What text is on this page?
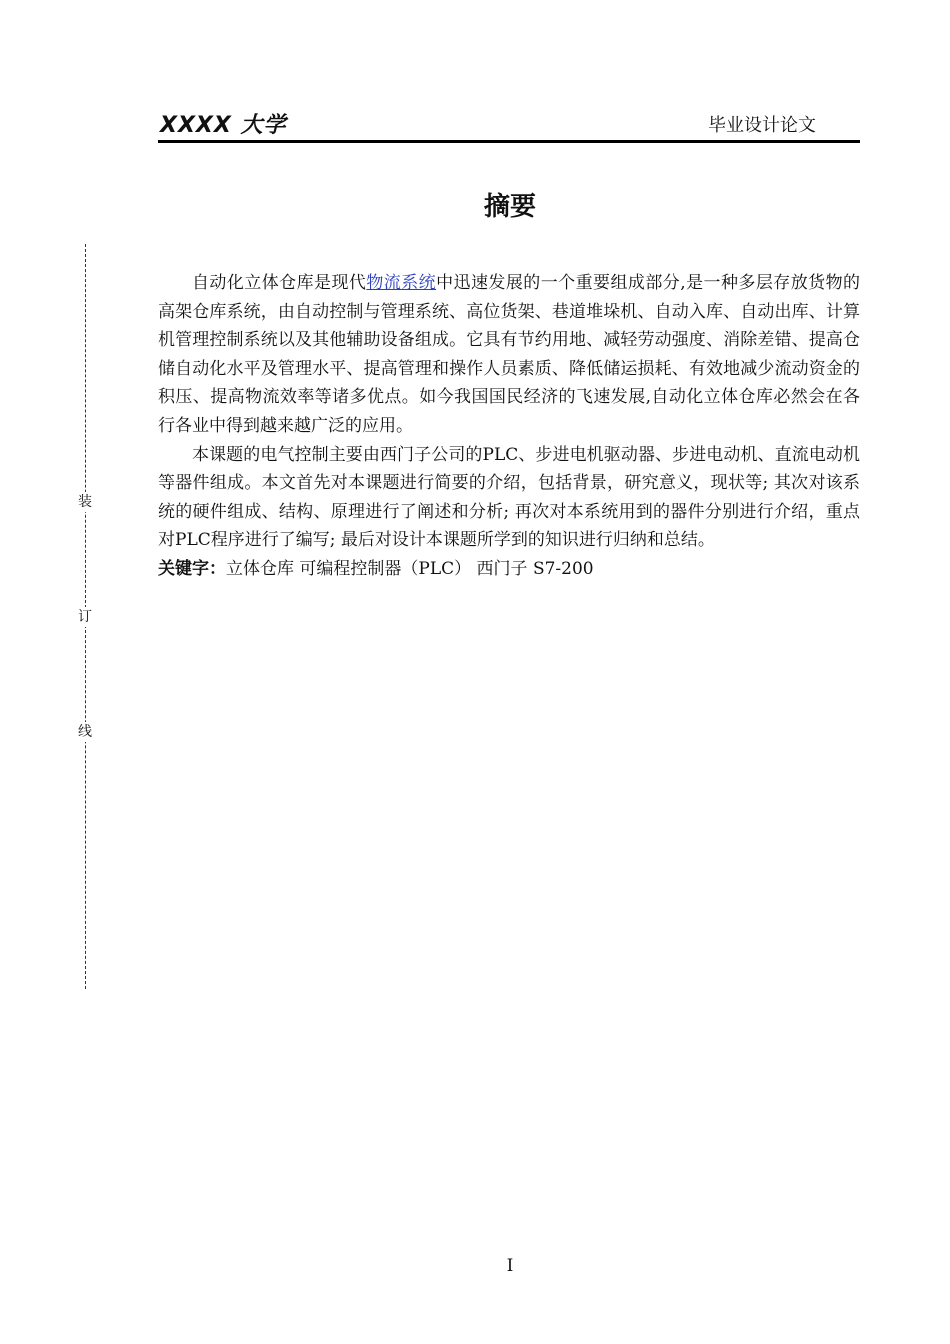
XXXX 大学	毕业设计论文
摘要
装
订
线

自动化立体仓库是现代物流系统中迅速发展的一个重要组成部分,是一种多层存放货物的高架仓库系统，由自动控制与管理系统、高位货架、巷道堆垛机、自动入库、自动出库、计算机管理控制系统以及其他辅助设备组成。它具有节约用地、减轻劳动强度、消除差错、提高仓储自动化水平及管理水平、提高管理和操作人员素质、降低储运损耗、有效地减少流动资金的积压、提高物流效率等诸多优点。如今我国国民经济的飞速发展,自动化立体仓库必然会在各行各业中得到越来越广泛的应用。

本课题的电气控制主要由西门子公司的PLC、步进电机驱动器、步进电动机、直流电动机等器件组成。本文首先对本课题进行简要的介绍，包括背景，研究意义，现状等; 其次对该系统的硬件组成、结构、原理进行了阐述和分析; 再次对本系统用到的器件分别进行介绍，重点对PLC程序进行了编写; 最后对设计本课题所学到的知识进行归纳和总结。

关键字：立体仓库 可编程控制器（PLC） 西门子 S7-200
I
